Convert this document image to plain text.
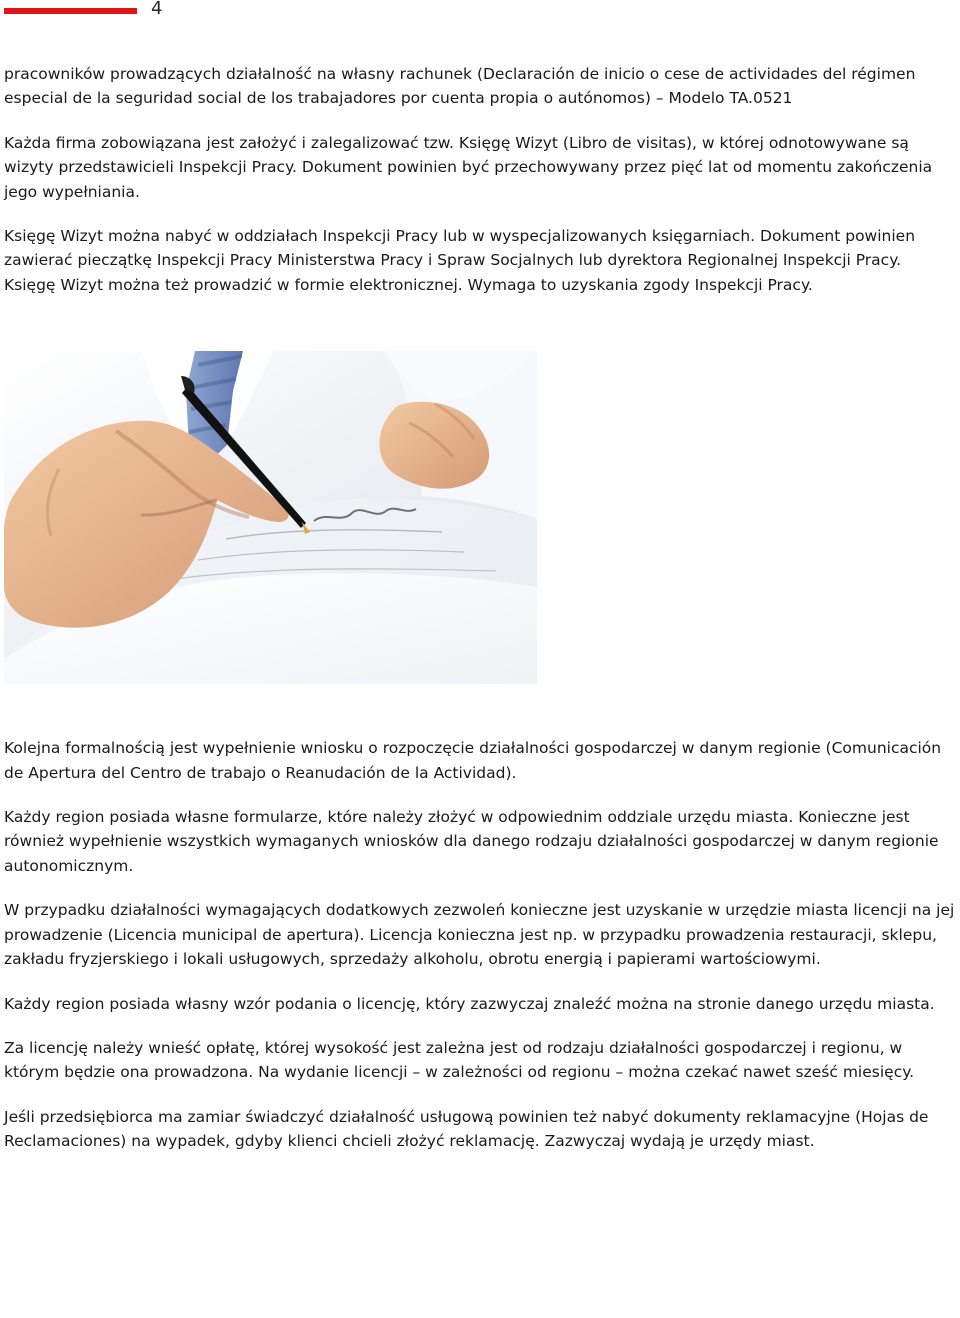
4

pracowników prowadzących działalność na własny rachunek (Declaración de inicio o cese de actividades del régimen especial de la seguridad social de los trabajadores por cuenta propia o autónomos) – Modelo TA.0521

Każda firma zobowiązana jest założyć i zalegalizować tzw. Księgę Wizyt (Libro de visitas), w której odnotowywane są wizyty przedstawicieli Inspekcji Pracy. Dokument powinien być przechowywany przez pięć lat od momentu zakończenia jego wypełniania.

Księgę Wizyt można nabyć w oddziałach Inspekcji Pracy lub w wyspecjalizowanych księgarniach. Dokument powinien zawierać pieczątkę Inspekcji Pracy Ministerstwa Pracy i Spraw Socjalnych lub dyrektora Regionalnej Inspekcji Pracy. Księgę Wizyt można też prowadzić w formie elektronicznej. Wymaga to uzyskania zgody Inspekcji Pracy.

Kolejna formalnością jest wypełnienie wniosku o rozpoczęcie działalności gospodarczej w danym regionie (Comunicación de Apertura del Centro de trabajo o Reanudación de la Actividad).

Każdy region posiada własne formularze, które należy złożyć w odpowiednim oddziale urzędu miasta. Konieczne jest również wypełnienie wszystkich wymaganych wniosków dla danego rodzaju działalności gospodarczej w danym regionie autonomicznym.

W przypadku działalności wymagających dodatkowych zezwoleń konieczne jest uzyskanie w urzędzie miasta licencji na jej prowadzenie (Licencia municipal de apertura). Licencja konieczna jest np. w przypadku prowadzenia restauracji, sklepu, zakładu fryzjerskiego i lokali usługowych, sprzedaży alkoholu, obrotu energią i papierami wartościowymi.

Każdy region posiada własny wzór podania o licencję, który zazwyczaj znaleźć można na stronie danego urzędu miasta.

Za licencję należy wnieść opłatę, której wysokość jest zależna jest od rodzaju działalności gospodarczej i regionu, w którym będzie ona prowadzona. Na wydanie licencji – w zależności od regionu – można czekać nawet sześć miesięcy.

Jeśli przedsiębiorca ma zamiar świadczyć działalność usługową powinien też nabyć dokumenty reklamacyjne (Hojas de Reclamaciones) na wypadek, gdyby klienci chcieli złożyć reklamację. Zazwyczaj wydają je urzędy miast.
